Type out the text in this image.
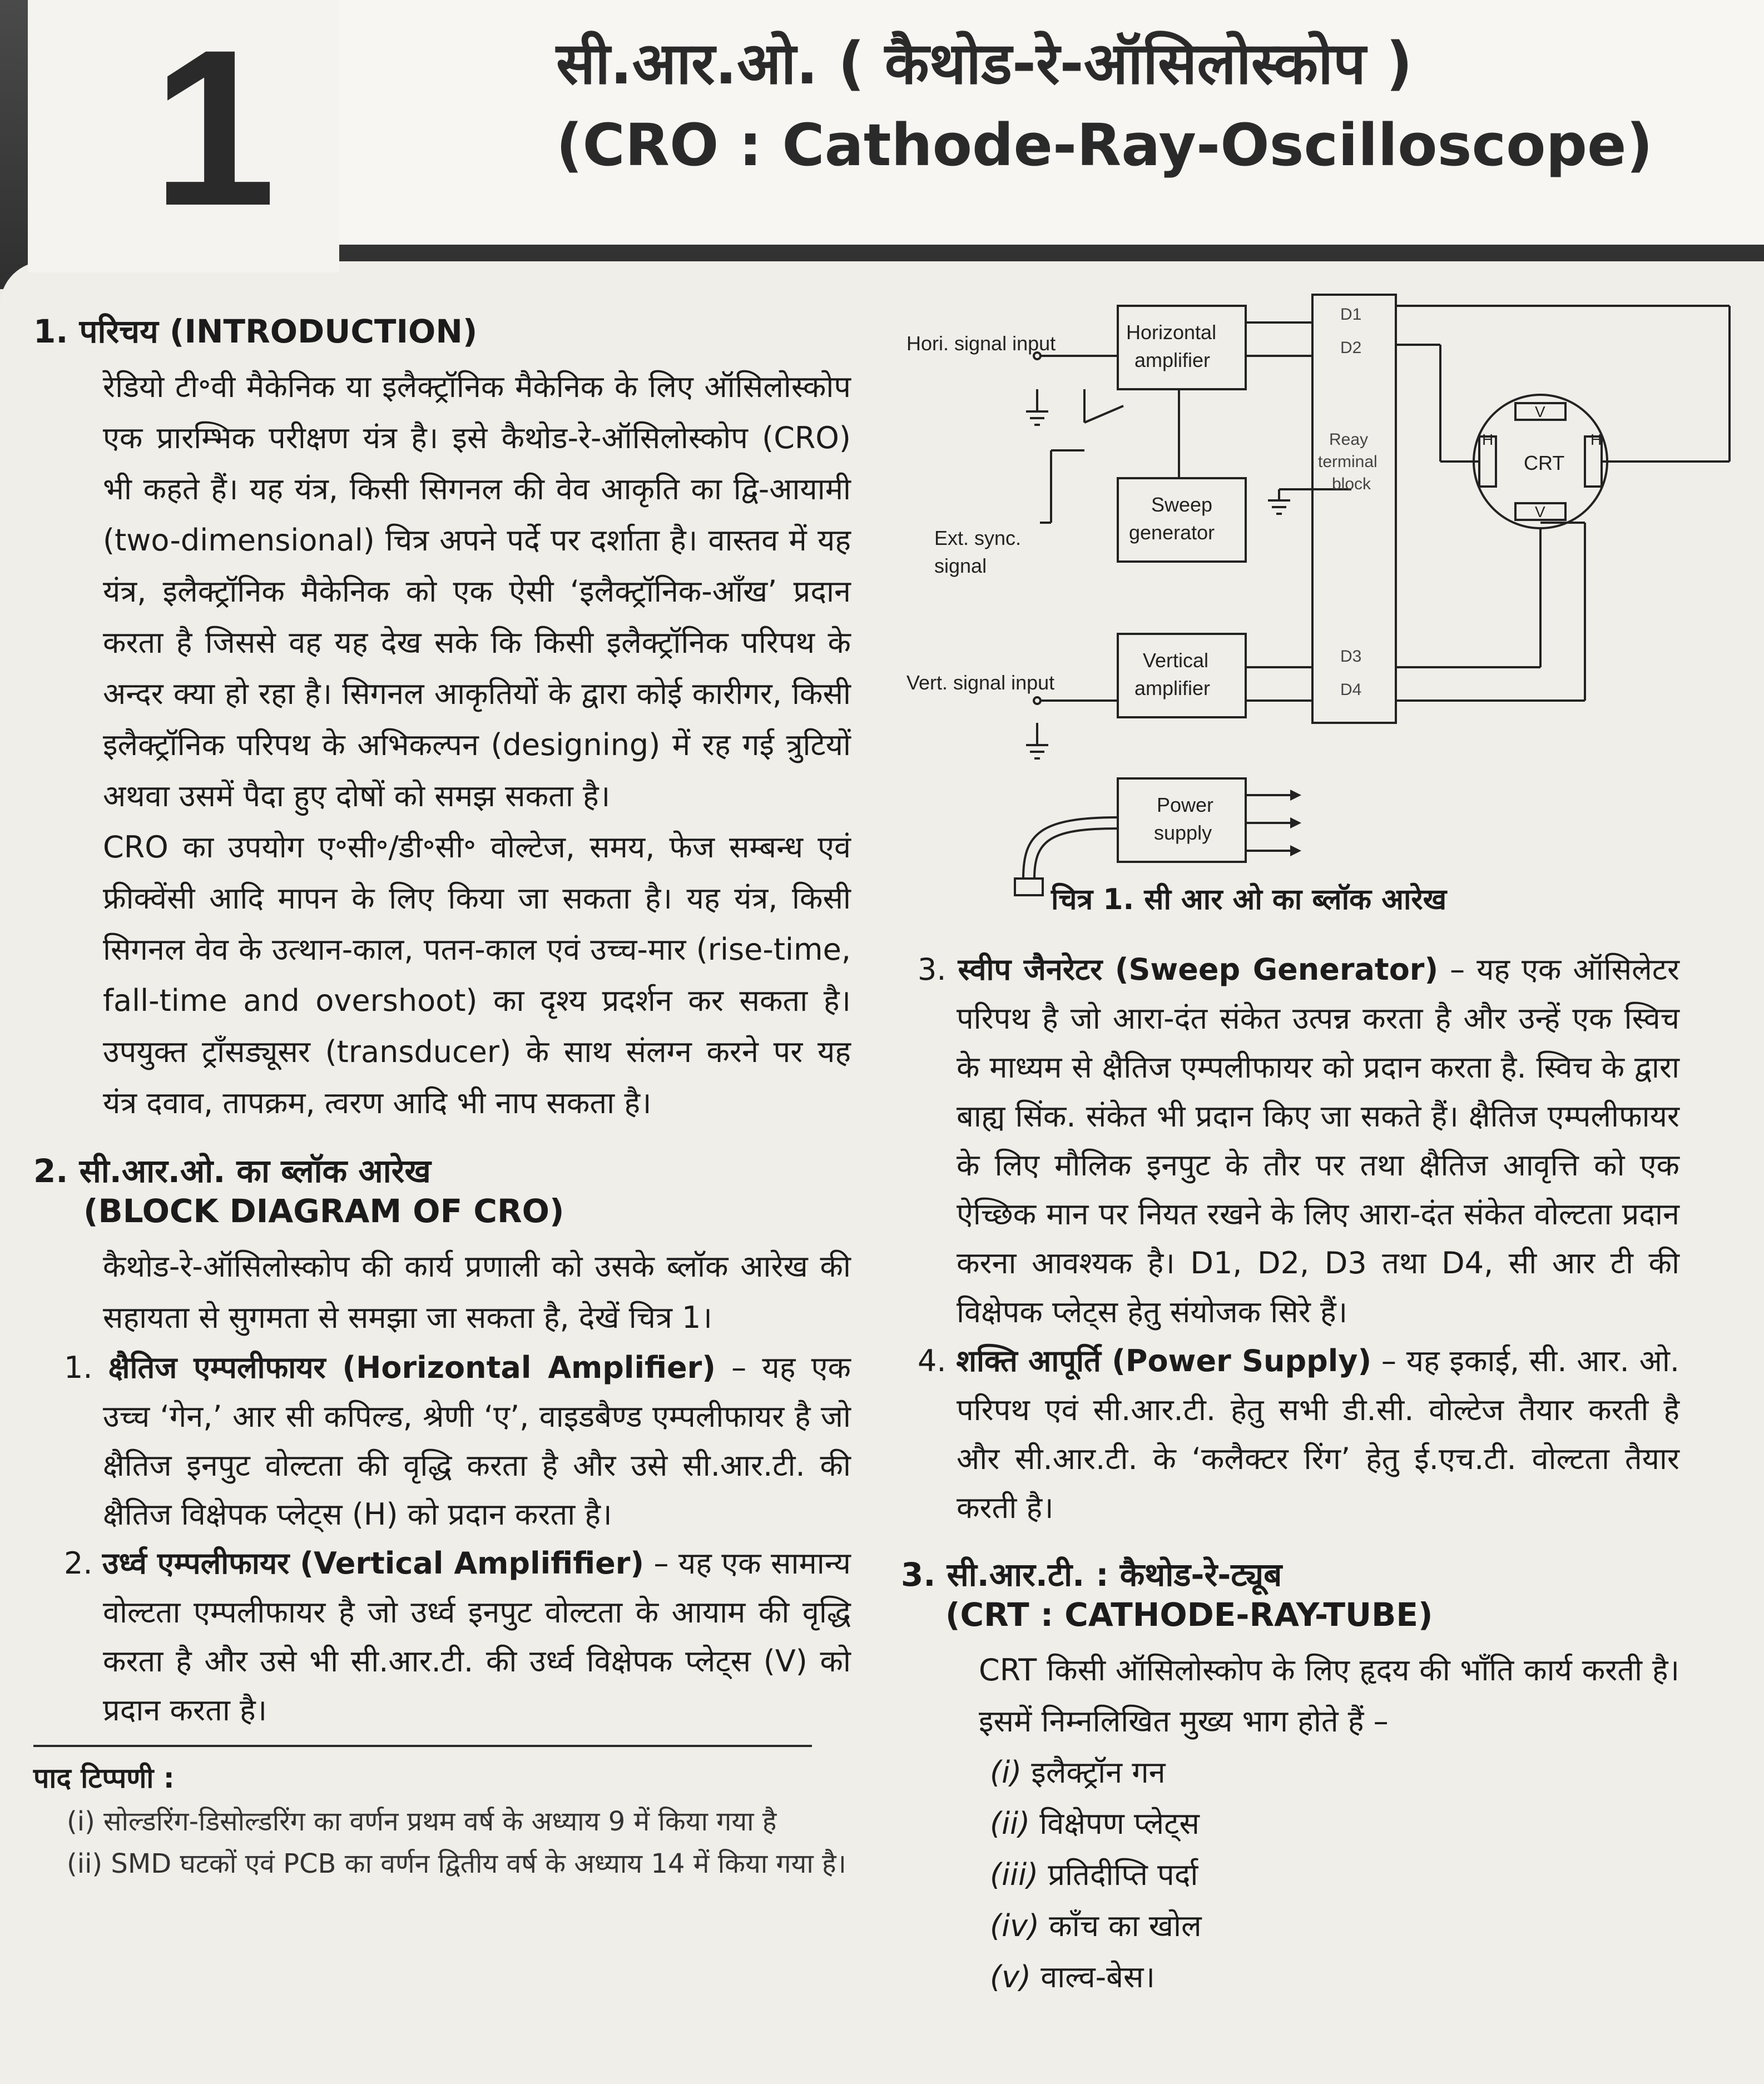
1	सी.आर.ओ. ( कैथोड-रे-ऑसिलोस्कोप )
(CRO : Cathode-Ray-Oscilloscope)
1. परिचय (INTRODUCTION)

रेडियो टी॰वी मैकेनिक या इलैक्ट्रॉनिक मैकेनिक के लिए ऑसिलोस्कोप एक प्रारम्भिक परीक्षण यंत्र है। इसे कैथोड-रे-ऑसिलोस्कोप (CRO) भी कहते हैं। यह यंत्र, किसी सिगनल की वेव आकृति का द्वि-आयामी (two-dimensional) चित्र अपने पर्दे पर दर्शाता है। वास्तव में यह यंत्र, इलैक्ट्रॉनिक मैकेनिक को एक ऐसी ‘इलैक्ट्रॉनिक-आँख’ प्रदान करता है जिससे वह यह देख सके कि किसी इलैक्ट्रॉनिक परिपथ के अन्दर क्या हो रहा है। सिगनल आकृतियों के द्वारा कोई कारीगर, किसी इलैक्ट्रॉनिक परिपथ के अभिकल्पन (designing) में रह गई त्रुटियों अथवा उसमें पैदा हुए दोषों को समझ सकता है।

CRO का उपयोग ए॰सी॰/डी॰सी॰ वोल्टेज, समय, फेज सम्बन्ध एवं फ्रीक्वेंसी आदि मापन के लिए किया जा सकता है। यह यंत्र, किसी सिगनल वेव के उत्थान-काल, पतन-काल एवं उच्च-मार (rise-time, fall-time and overshoot) का दृश्य प्रदर्शन कर सकता है। उपयुक्त ट्राँसड्यूसर (transducer) के साथ संलग्न करने पर यह यंत्र दवाव, तापक्रम, त्वरण आदि भी नाप सकता है।

2. सी.आर.ओ. का ब्लॉक आरेख
(BLOCK DIAGRAM OF CRO)

कैथोड-रे-ऑसिलोस्कोप की कार्य प्रणाली को उसके ब्लॉक आरेख की सहायता से सुगमता से समझा जा सकता है, देखें चित्र 1।

1. क्षैतिज एम्पलीफायर (Horizontal Amplifier) – यह एक उच्च ‘गेन,’ आर सी कपिल्ड, श्रेणी ‘ए’, वाइडबैण्ड एम्पलीफायर है जो क्षैतिज इनपुट वोल्टता की वृद्धि करता है और उसे सी.आर.टी. की क्षैतिज विक्षेपक प्लेट्स (H) को प्रदान करता है।

2. उर्ध्व एम्पलीफायर (Vertical Amplififier) – यह एक सामान्य वोल्टता एम्पलीफायर है जो उर्ध्व इनपुट वोल्टता के आयाम की वृद्धि करता है और उसे भी सी.आर.टी. की उर्ध्व विक्षेपक प्लेट्स (V) को प्रदान करता है।

पाद टिप्पणी :

(i) सोल्डरिंग-डिसोल्डरिंग का वर्णन प्रथम वर्ष के अध्याय 9 में किया गया है

(ii) SMD घटकों एवं PCB का वर्णन द्वितीय वर्ष के अध्याय 14 में किया गया है।

Hori. signal input
Ext. sync.
signal
Vert. signal input
Horizontal
amplifier
Sweep
generator
Vertical
amplifier
Power
supply
CRT
H	H
V
V
Reay
terminal
block
D1
D2
D3
D4
चित्र 1. सी आर ओ का ब्लॉक आरेख

3. स्वीप जैनरेटर (Sweep Generator) – यह एक ऑसिलेटर परिपथ है जो आरा-दंत संकेत उत्पन्न करता है और उन्हें एक स्विच के माध्यम से क्षैतिज एम्पलीफायर को प्रदान करता है. स्विच के द्वारा बाह्य सिंक. संकेत भी प्रदान किए जा सकते हैं। क्षैतिज एम्पलीफायर के लिए मौलिक इनपुट के तौर पर तथा क्षैतिज आवृत्ति को एक ऐच्छिक मान पर नियत रखने के लिए आरा-दंत संकेत वोल्टता प्रदान करना आवश्यक है। D1, D2, D3 तथा D4, सी आर टी की विक्षेपक प्लेट्स हेतु संयोजक सिरे हैं।

4. शक्ति आपूर्ति (Power Supply) – यह इकाई, सी. आर. ओ. परिपथ एवं सी.आर.टी. हेतु सभी डी.सी. वोल्टेज तैयार करती है और सी.आर.टी. के ‘कलैक्टर रिंग’ हेतु ई.एच.टी. वोल्टता तैयार करती है।

3. सी.आर.टी. : कैथोड-रे-ट्यूब
(CRT : CATHODE-RAY-TUBE)

CRT किसी ऑसिलोस्कोप के लिए हृदय की भाँति कार्य करती है। इसमें निम्नलिखित मुख्य भाग होते हैं –

(i) इलैक्ट्रॉन गन
(ii) विक्षेपण प्लेट्स
(iii) प्रतिदीप्ति पर्दा
(iv) काँच का खोल
(v) वाल्व-बेस।
